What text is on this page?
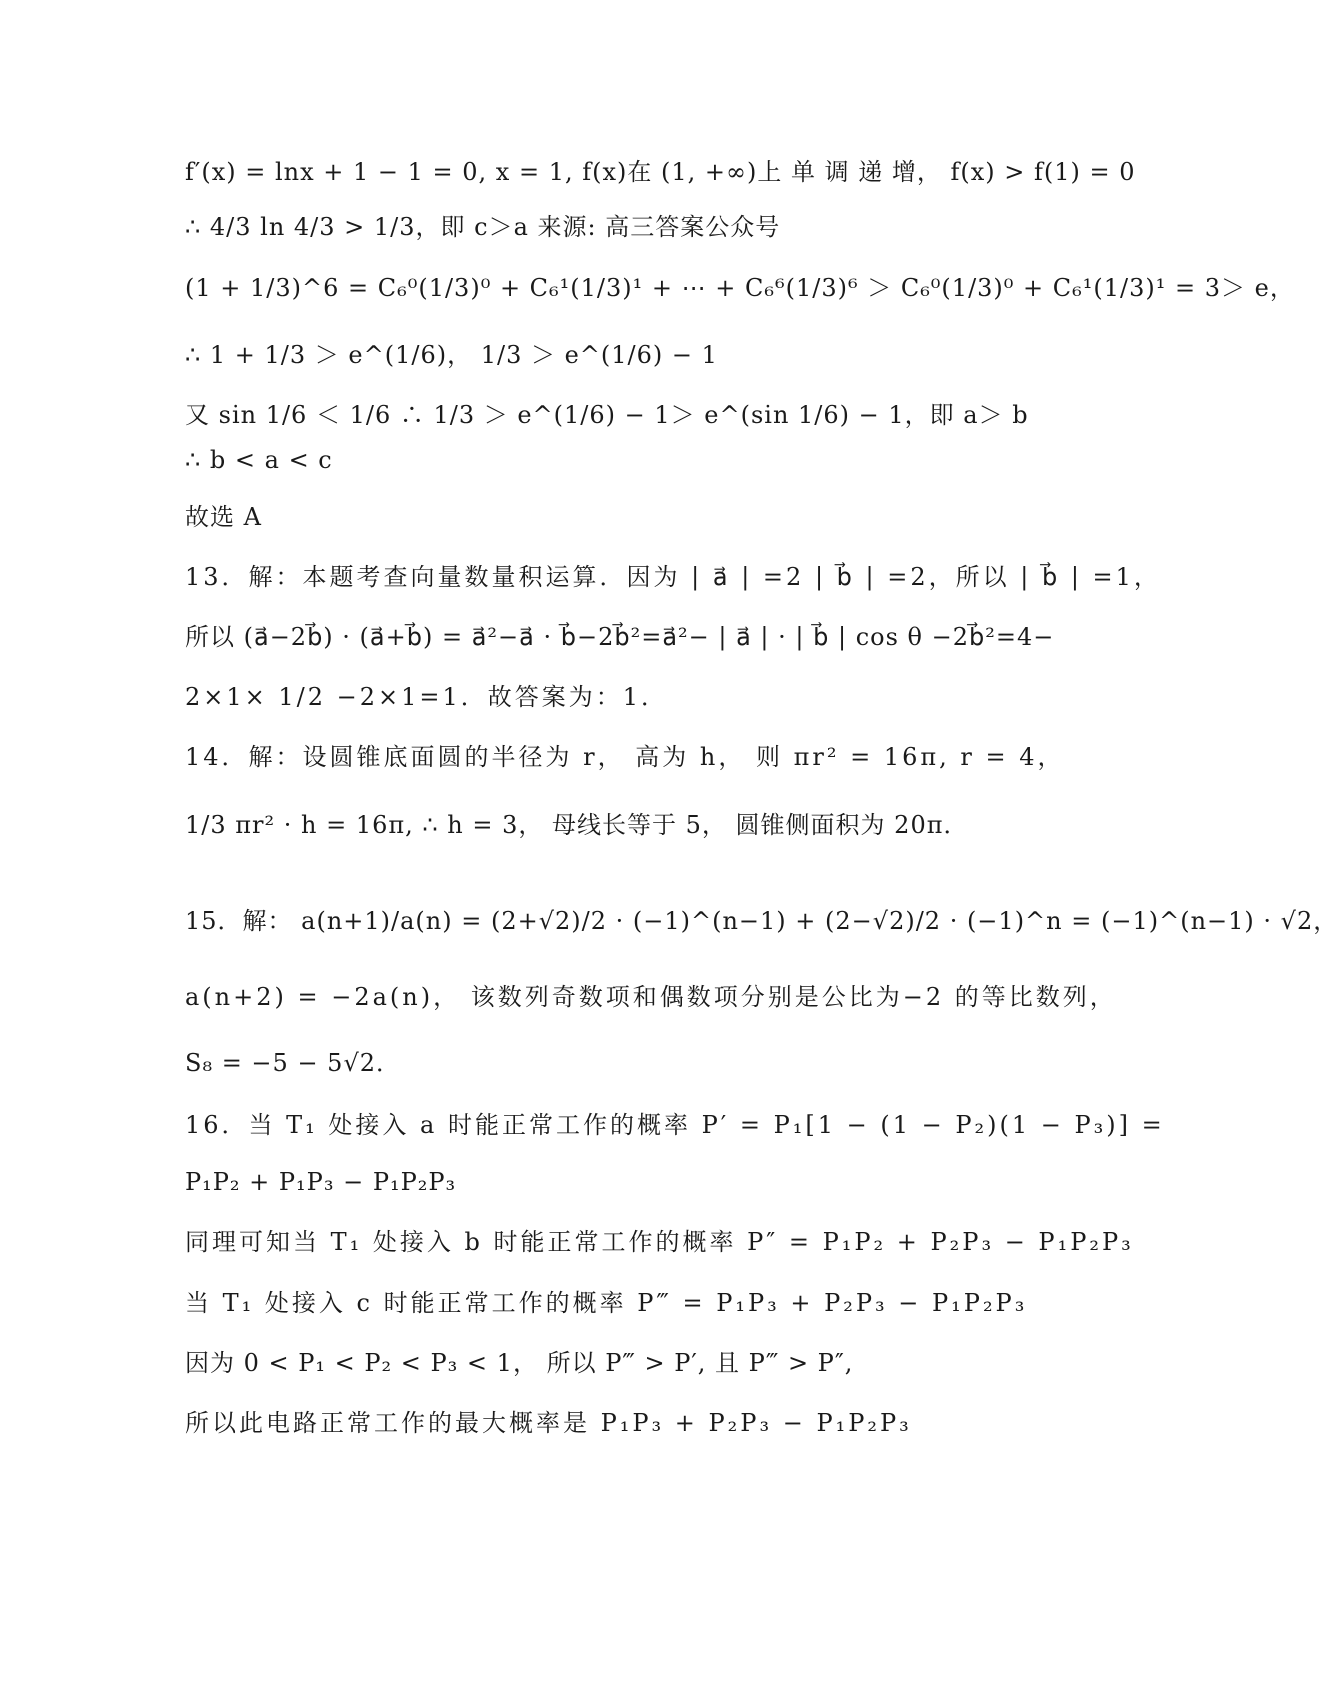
f′(x) = lnx + 1 − 1 = 0, x = 1, f(x)在 (1, +∞)上 单 调 递 增， f(x) > f(1) = 0
∴ 4/3 ln 4/3 > 1/3，即 c＞a 来源: 高三答案公众号
(1 + 1/3)^6 = C₆⁰(1/3)⁰ + C₆¹(1/3)¹ + ⋯ + C₆⁶(1/3)⁶ ＞ C₆⁰(1/3)⁰ + C₆¹(1/3)¹ = 3＞ e，
∴ 1 + 1/3 ＞ e^(1/6)， 1/3 ＞ e^(1/6) − 1
又 sin 1/6 ＜ 1/6 ∴ 1/3 ＞ e^(1/6) − 1＞ e^(sin 1/6) − 1，即 a＞ b
∴ b < a < c
故选 A
13．解：本题考查向量数量积运算．因为 | a⃗ | =2 | b⃗ | =2，所以 | b⃗ | =1，
所以 (a⃗−2b⃗) · (a⃗+b⃗) = a⃗²−a⃗ · b⃗−2b⃗²=a⃗²− | a⃗ | · | b⃗ | cos θ −2b⃗²=4−
2×1× 1/2 −2×1=1．故答案为：1．
14．解：设圆锥底面圆的半径为 r， 高为 h， 则 πr² = 16π, r = 4，
1/3 πr² · h = 16π, ∴ h = 3， 母线长等于 5， 圆锥侧面积为 20π．
15．解： a(n+1)/a(n) = (2+√2)/2 · (−1)^(n−1) + (2−√2)/2 · (−1)^n = (−1)^(n−1) · √2，
a(n+2) = −2a(n)， 该数列奇数项和偶数项分别是公比为−2 的等比数列，
S₈ = −5 − 5√2．
16．当 T₁ 处接入 a 时能正常工作的概率 P′ = P₁[1 − (1 − P₂)(1 − P₃)] =
P₁P₂ + P₁P₃ − P₁P₂P₃
同理可知当 T₁ 处接入 b 时能正常工作的概率 P″ = P₁P₂ + P₂P₃ − P₁P₂P₃
当 T₁ 处接入 c 时能正常工作的概率 P‴ = P₁P₃ + P₂P₃ − P₁P₂P₃
因为 0 < P₁ < P₂ < P₃ < 1， 所以 P‴ > P′, 且 P‴ > P″,
所以此电路正常工作的最大概率是 P₁P₃ + P₂P₃ − P₁P₂P₃
